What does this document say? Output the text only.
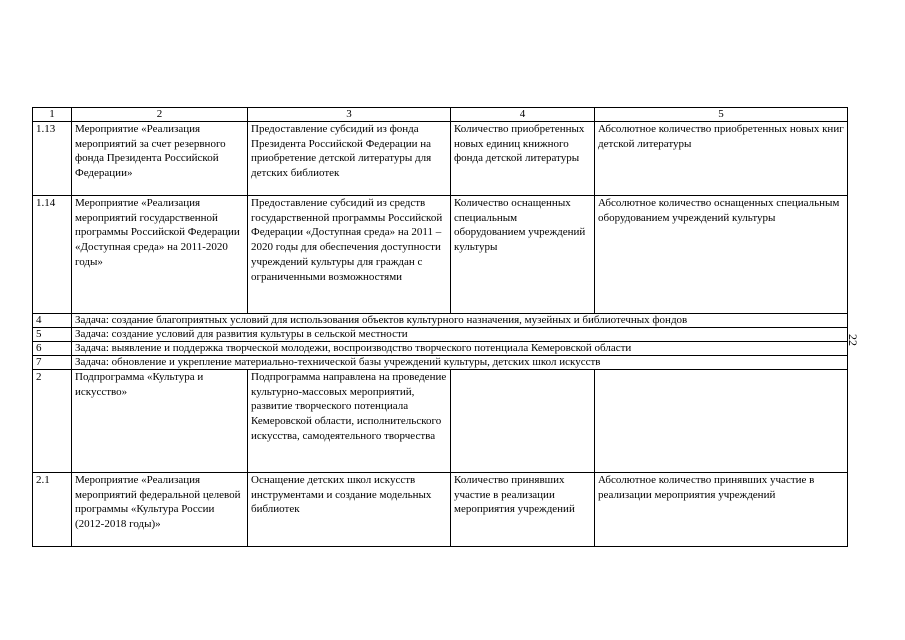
1	2	3	4	5
1.13	Мероприятие «Реализация мероприятий за счет резервного фонда Президента Российской Федерации»	Предоставление субсидий из фонда Президента Российской Федерации на приобретение детской литературы для детских библиотек	Количество приобретенных новых единиц книжного фонда детской литературы	Абсолютное количество приобретенных новых книг детской литературы
1.14	Мероприятие «Реализация мероприятий государственной программы Российской Федерации «Доступная среда» на 2011-2020 годы»	Предоставление субсидий из средств государственной программы Российской Федерации «Доступная среда» на 2011 – 2020 годы для обеспечения доступности учреждений культуры для граждан с ограниченными возможностями	Количество оснащенных специальным оборудованием учреждений культуры	Абсолютное количество оснащенных специальным оборудованием учреждений культуры
4	Задача: создание благоприятных условий для использования объектов культурного назначения, музейных и библиотечных фондов			
5	Задача: создание условий для развития культуры в сельской местности			
6	Задача: выявление и поддержка творческой молодежи, воспроизводство творческого потенциала Кемеровской области			
7	Задача: обновление и укрепление материально-технической базы учреждений культуры, детских школ искусств			
2	Подпрограмма «Культура и искусство»	Подпрограмма направлена на проведение культурно-массовых мероприятий, развитие творческого потенциала Кемеровской области, исполнительского искусства, самодеятельного творчества		
2.1	Мероприятие «Реализация мероприятий федеральной целевой программы «Культура России (2012-2018 годы)»	Оснащение детских школ искусств инструментами и создание модельных библиотек	Количество принявших участие в реализации мероприятия учреждений	Абсолютное количество принявших участие в реализации мероприятия учреждений
22
